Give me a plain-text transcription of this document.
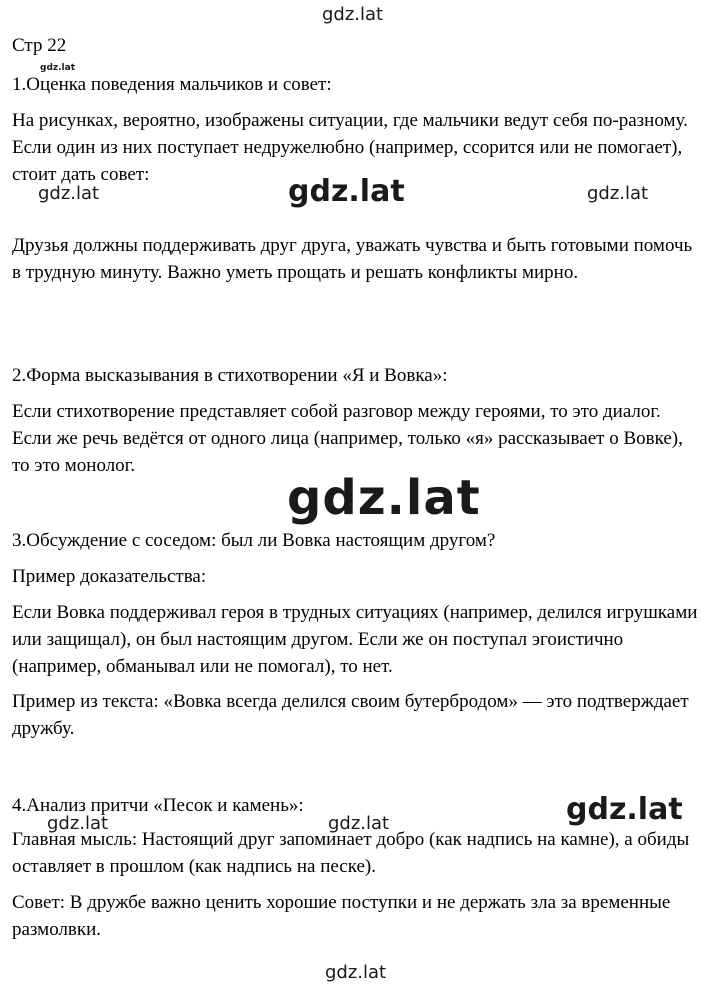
gdz.lat
gdz.lat
gdz.lat	gdz.lat	gdz.lat
gdz.lat
gdz.lat	gdz.lat	gdz.lat
gdz.lat
Стр 22
1.Оценка поведения мальчиков и совет:
На рисунках, вероятно, изображены ситуации, где мальчики ведут себя по-разному. Если один из них поступает недружелюбно (например, ссорится или не помогает), стоит дать совет:
Друзья должны поддерживать друг друга, уважать чувства и быть готовыми помочь в трудную минуту. Важно уметь прощать и решать конфликты мирно.
2.Форма высказывания в стихотворении «Я и Вовка»:
Если стихотворение представляет собой разговор между героями, то это диалог. Если же речь ведётся от одного лица (например, только «я» рассказывает о Вовке), то это монолог.
3.Обсуждение с соседом: был ли Вовка настоящим другом?
Пример доказательства:
Если Вовка поддерживал героя в трудных ситуациях (например, делился игрушками или защищал), он был настоящим другом. Если же он поступал эгоистично (например, обманывал или не помогал), то нет.
Пример из текста: «Вовка всегда делился своим бутербродом» — это подтверждает дружбу.
4.Анализ притчи «Песок и камень»:
Главная мысль: Настоящий друг запоминает добро (как надпись на камне), а обиды оставляет в прошлом (как надпись на песке).
Совет: В дружбе важно ценить хорошие поступки и не держать зла за временные размолвки.
